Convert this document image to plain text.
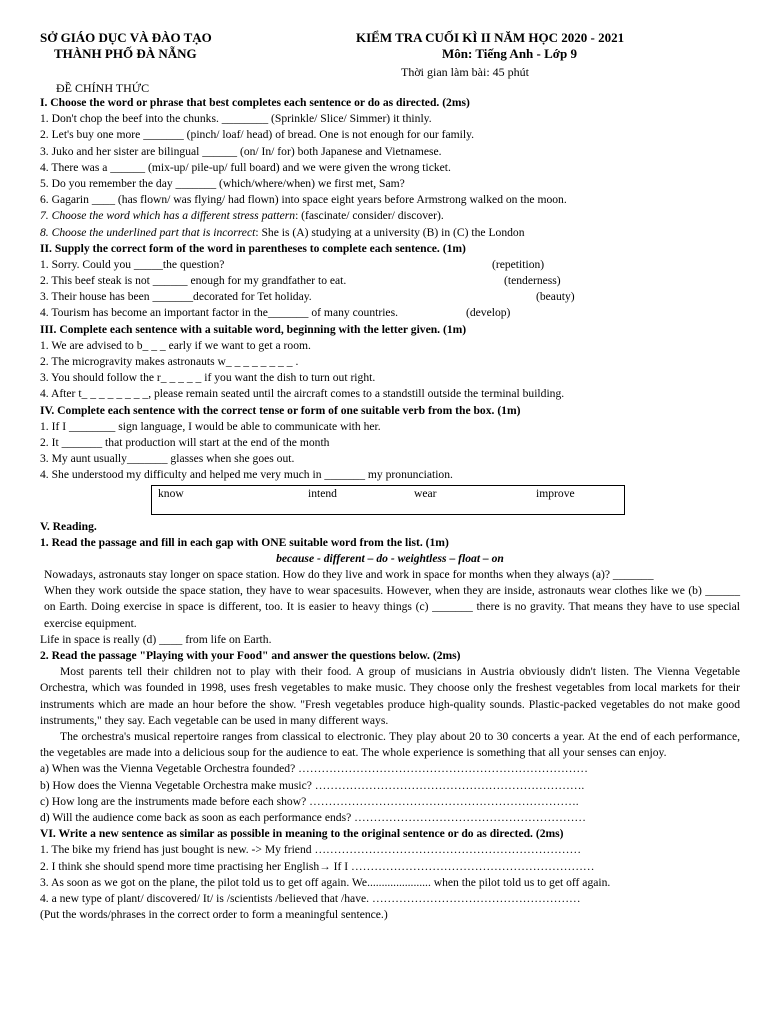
SỞ GIÁO DỤC VÀ ĐÀO TẠO
THÀNH PHỐ ĐÀ NẴNG
KIỂM TRA CUỐI KÌ II NĂM HỌC 2020 - 2021
Môn: Tiếng Anh - Lớp 9
Thời gian làm bài: 45 phút
ĐỀ CHÍNH THỨC
I. Choose the word or phrase that best completes each sentence or do as directed. (2ms)
1. Don't chop the beef into the chunks. ________ (Sprinkle/ Slice/ Simmer) it thinly.
2. Let's buy one more _______ (pinch/ loaf/ head) of bread. One is not enough for our family.
3. Juko and her sister are bilingual ______ (on/ In/ for) both Japanese and Vietnamese.
4. There was a ______ (mix-up/ pile-up/ full board) and we were given the wrong ticket.
5. Do you remember the day _______ (which/where/when) we first met, Sam?
6. Gagarin ____ (has flown/ was flying/ had flown) into space eight years before Armstrong walked on the moon.
7. Choose the word which has a different stress pattern: (fascinate/ consider/ discover).
8. Choose the underlined part that is incorrect: She is (A) studying at a university (B) in (C) the London
II. Supply the correct form of the word in parentheses to complete each sentence. (1m)
1. Sorry. Could you _____the question?	(repetition)
2. This beef steak is not ______ enough for my grandfather to eat.	(tenderness)
3. Their house has been _______decorated for Tet holiday.	(beauty)
4. Tourism has become an important factor in the_______ of many countries.	(develop)
III. Complete each sentence with a suitable word, beginning with the letter given. (1m)
1. We are advised to b_ _ _ early if we want to get a room.
2. The microgravity makes astronauts w_ _ _ _ _ _ _ _ .
3. You should follow the r_ _ _ _ _ if you want the dish to turn out right.
4. After t_ _ _ _ _ _ _ _, please remain seated until the aircraft comes to a standstill outside the terminal building.
IV. Complete each sentence with the correct tense or form of one suitable verb from the box. (1m)
1. If I ________ sign language, I would be able to communicate with her.
2. It _______ that production will start at the end of the month
3. My aunt usually_______ glasses when she goes out.
4. She understood my difficulty and helped me very much in _______ my pronunciation.
know	intend	wear	improve
V. Reading.
1. Read the passage and fill in each gap with ONE suitable word from the list. (1m)
because - different – do - weightless – float – on
Nowadays, astronauts stay longer on space station. How do they live and work in space for months when they always (a)? _______
When they work outside the space station, they have to wear spacesuits. However, when they are inside, astronauts wear clothes like we (b) ______ on Earth. Doing exercise in space is different, too. It is easier to heavy things (c) _______ there is no gravity. That means they have to use special exercise equipment.
Life in space is really (d) ____ from life on Earth.
2. Read the passage "Playing with your Food" and answer the questions below. (2ms)
Most parents tell their children not to play with their food. A group of musicians in Austria obviously didn't listen. The Vienna Vegetable Orchestra, which was founded in 1998, uses fresh vegetables to make music. They choose only the freshest vegetables from local markets for their instruments which are made an hour before the show. "Fresh vegetables produce high-quality sounds. Plastic-packed vegetables do not make good instruments," they say. Each vegetable can be used in many different ways.
The orchestra's musical repertoire ranges from classical to electronic. They play about 20 to 30 concerts a year. At the end of each performance, the vegetables are made into a delicious soup for the audience to eat. The whole experience is something that all your senses can enjoy.
a) When was the Vienna Vegetable Orchestra founded? …………………………………………………………………
b) How does the Vienna Vegetable Orchestra make music? …………………………………………………………….
c) How long are the instruments made before each show? …………………………………………………………….
d) Will the audience come back as soon as each performance ends? ……………………………………………………
VI. Write a new sentence as similar as possible in meaning to the original sentence or do as directed. (2ms)
1. The bike my friend has just bought is new. -> My friend ……………………………………………………………
2. I think she should spend more time practising her English→ If I ………………………………………………………
3. As soon as we got on the plane, the pilot told us to get off again. We...................... when the pilot told us to get off again.
4. a new type of plant/ discovered/ It/ is /scientists /believed that /have. ………………………………………………
(Put the words/phrases in the correct order to form a meaningful sentence.)
